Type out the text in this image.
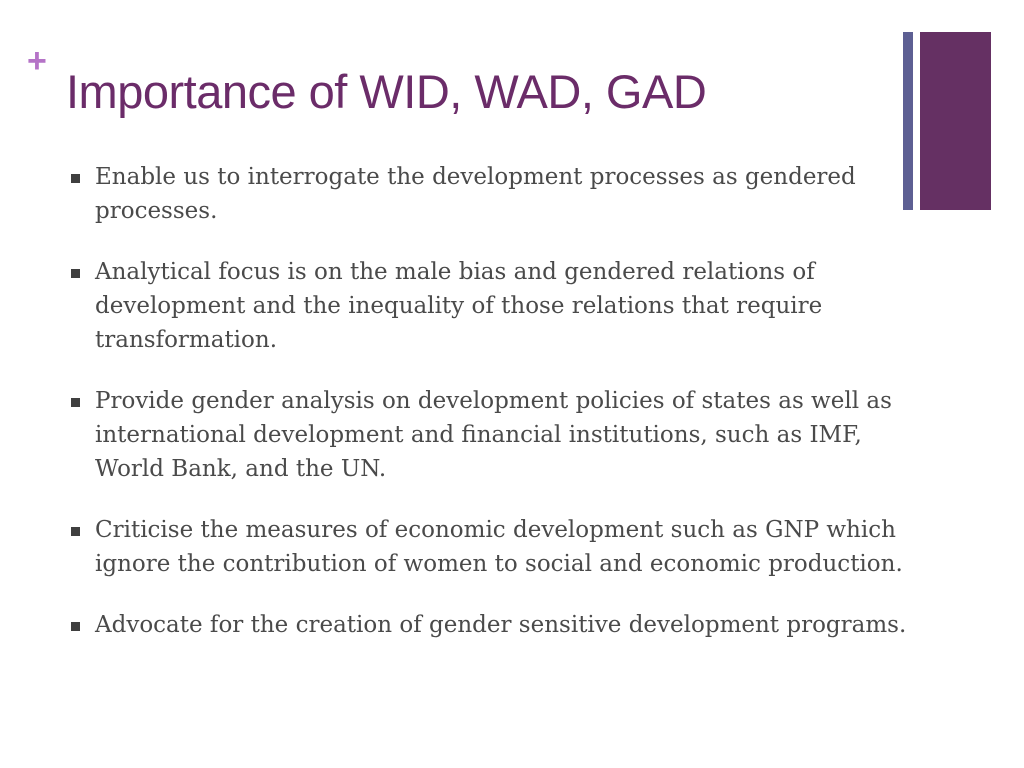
+
Importance of WID, WAD, GAD
Enable us to interrogate the development processes as gendered processes.
Analytical focus is on the male bias and gendered relations of development and the inequality of those relations that require transformation.
Provide gender analysis on development policies of states as well as international development and financial institutions, such as IMF, World Bank, and the UN.
Criticise the measures of economic development such as GNP which ignore the contribution of women to social and economic production.
Advocate for the creation of gender sensitive development programs.
